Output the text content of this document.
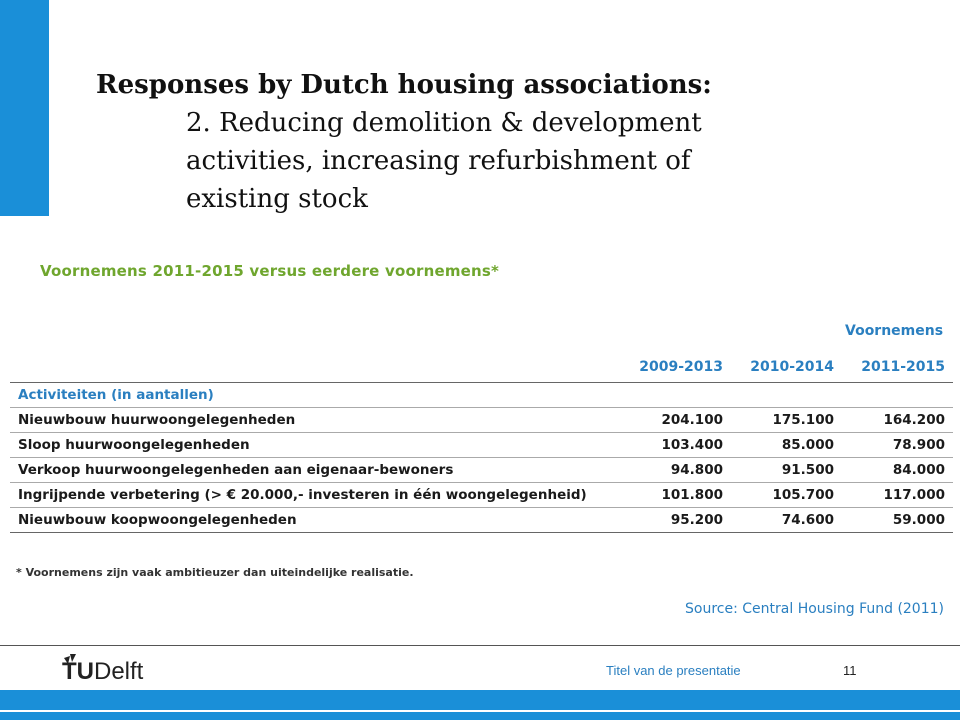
Responses by Dutch housing associations:
2. Reducing demolition & development
activities, increasing refurbishment of
existing stock
Voornemens 2011-2015 versus eerdere voornemens*
Voornemens
	2009-2013	2010-2014	2011-2015
Activiteiten (in aantallen)			
Nieuwbouw huurwoongelegenheden	204.100	175.100	164.200
Sloop huurwoongelegenheden	103.400	85.000	78.900
Verkoop huurwoongelegenheden aan eigenaar-bewoners	94.800	91.500	84.000
Ingrijpende verbetering (> € 20.000,- investeren in één woongelegenheid)	101.800	105.700	117.000
Nieuwbouw koopwoongelegenheden	95.200	74.600	59.000
* Voornemens zijn vaak ambitieuzer dan uiteindelijke realisatie.
Source: Central Housing Fund (2011)
TUDelft	Titel van de presentatie	11
